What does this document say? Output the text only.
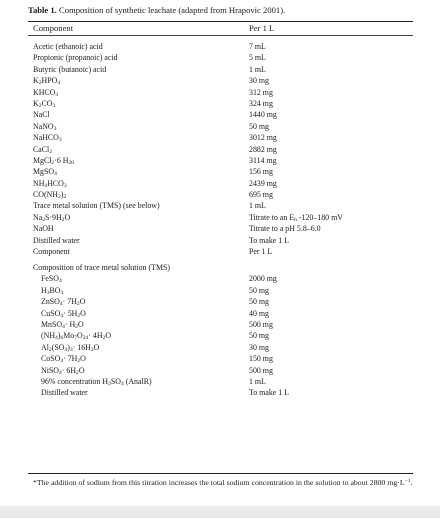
Table 1. Composition of synthetic leachate (adapted from Hrapovic 2001).
Component	Per 1 L
Acetic (ethanoic) acid	7 mL
Propionic (propanoic) acid	5 mL
Butyric (butanoic) acid	1 mL
$K_2HPO_4$	30 mg
$KHCO_3$	312 mg
$K_2CO_3$	324 mg
NaCl	1440 mg
NaNO$_3$	50 mg
NaHCO$_3$	3012 mg
CaCl$_2$	2882 mg
MgCl$_2$·6 $H_{20}$	3114 mg
MgSO$_4$	156 mg
$NH_4HCO_3$	2439 mg
$CO(NH_2)_2$	695 mg
Trace metal solution (TMS) (see below)	1 mL
$Na_2S\cdot 9H_2O$	Titrate to an $E_h$ -120–180 mV
NaOH	Titrate to a pH 5.8–6.0
Distilled water	To make 1 L
Component	Per 1 L
Composition of trace metal solution (TMS)
FeSO$_4$	2000 mg
$H_3BO_3$	50 mg
ZnSO$_4$· $7H_2O$	50 mg
CuSO$_4$· $5H_2O$	40 mg
MnSO$_4$· $H_2O$	500 mg
$(NH_4)_6Mo_7O_{24}\cdot 4H_2O$	50 mg
$Al_2(SO_4)_3\cdot 16H_2O$	30 mg
CoSO$_4$· $7H_2O$	150 mg
NiSO$_4$· $6H_2O$	500 mg
96% concentration $H_2SO_4$ (AnalR)	1 mL
Distilled water	To make 1 L
*The addition of sodium from this titration increases the total sodium concentration in the solution to about 2800 $mg\cdot L^{-1}$.
